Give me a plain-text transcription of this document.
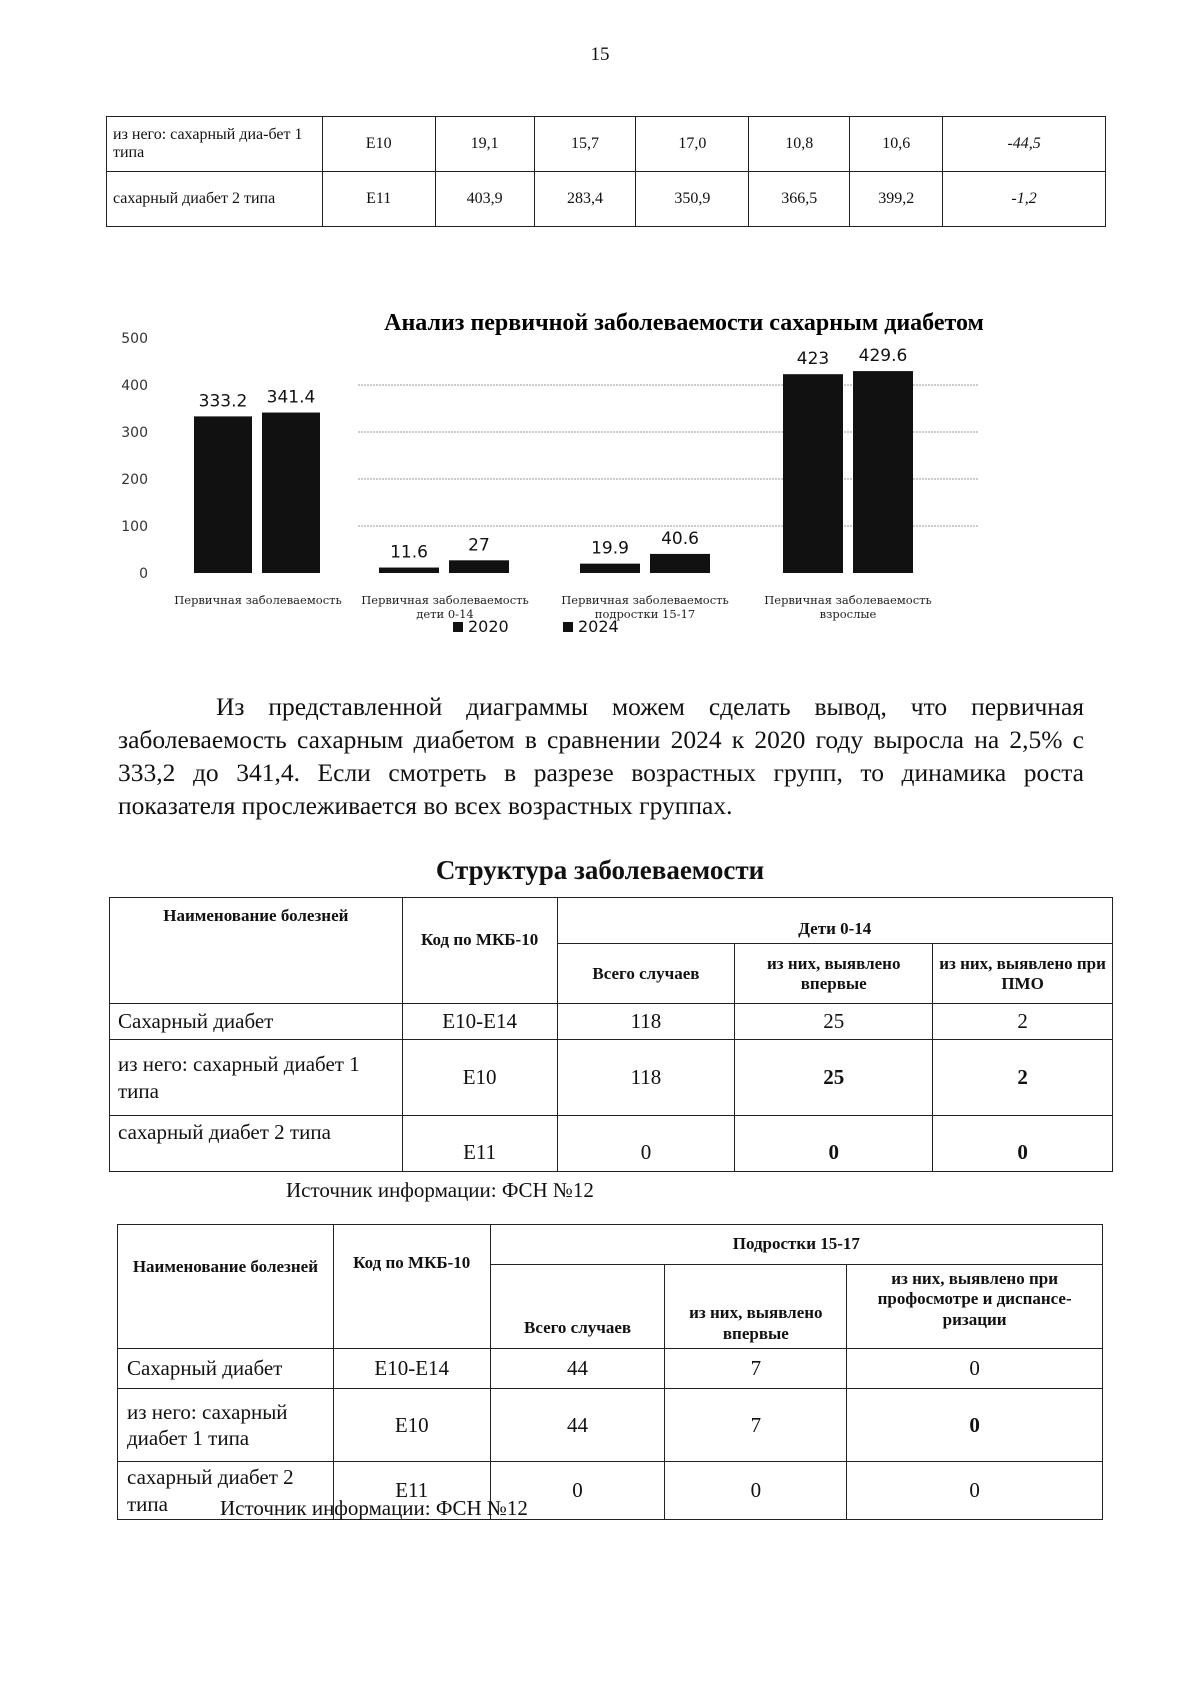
15
из него: сахарный диа-бет 1 типа	E10	19,1	15,7	17,0	10,8	10,6	-44,5
сахарный диабет 2 типа	E11	403,9	283,4	350,9	366,5	399,2	-1,2
0
100
200
300
400
500
333.2
11.6	19.9
423
341.4
27	40.6
429.6
Первичная заболеваемость Первичная заболеваемость
дети 0-14
Первичная заболеваемость
подростки 15-17
Первичная заболеваемость
взрослые
Анализ первичной заболеваемости сахарным диабетом
2020	2024

Из представленной диаграммы можем сделать вывод, что первичная заболеваемость сахарным диабетом в сравнении 2024 к 2020 году выросла на 2,5% с 333,2 до 341,4. Если смотреть в разрезе возрастных групп, то динамика роста показателя прослеживается во всех возрастных группах.

Структура заболеваемости
Наименование болезней	Код по МКБ-10	Дети 0-14		
		Всего случаев	из них, выявлено впервые	из них, выявлено при ПМО
Сахарный диабет	E10-E14	118	25	2
из него: сахарный диабет 1 типа	E10	118	25	2
сахарный диабет 2 типа	E11	0	0	0
Источник информации: ФСН №12
Наименование болезней	Код по МКБ-10	Подростки 15-17		
		Всего случаев	из них, выявлено впервые	из них, выявлено при профосмотре и диспансе-ризации
Сахарный диабет	E10-E14	44	7	0
из него: сахарный диабет 1 типа	E10	44	7	0
сахарный диабет 2 типа	E11	0	0	0
Источник информации: ФСН №12
